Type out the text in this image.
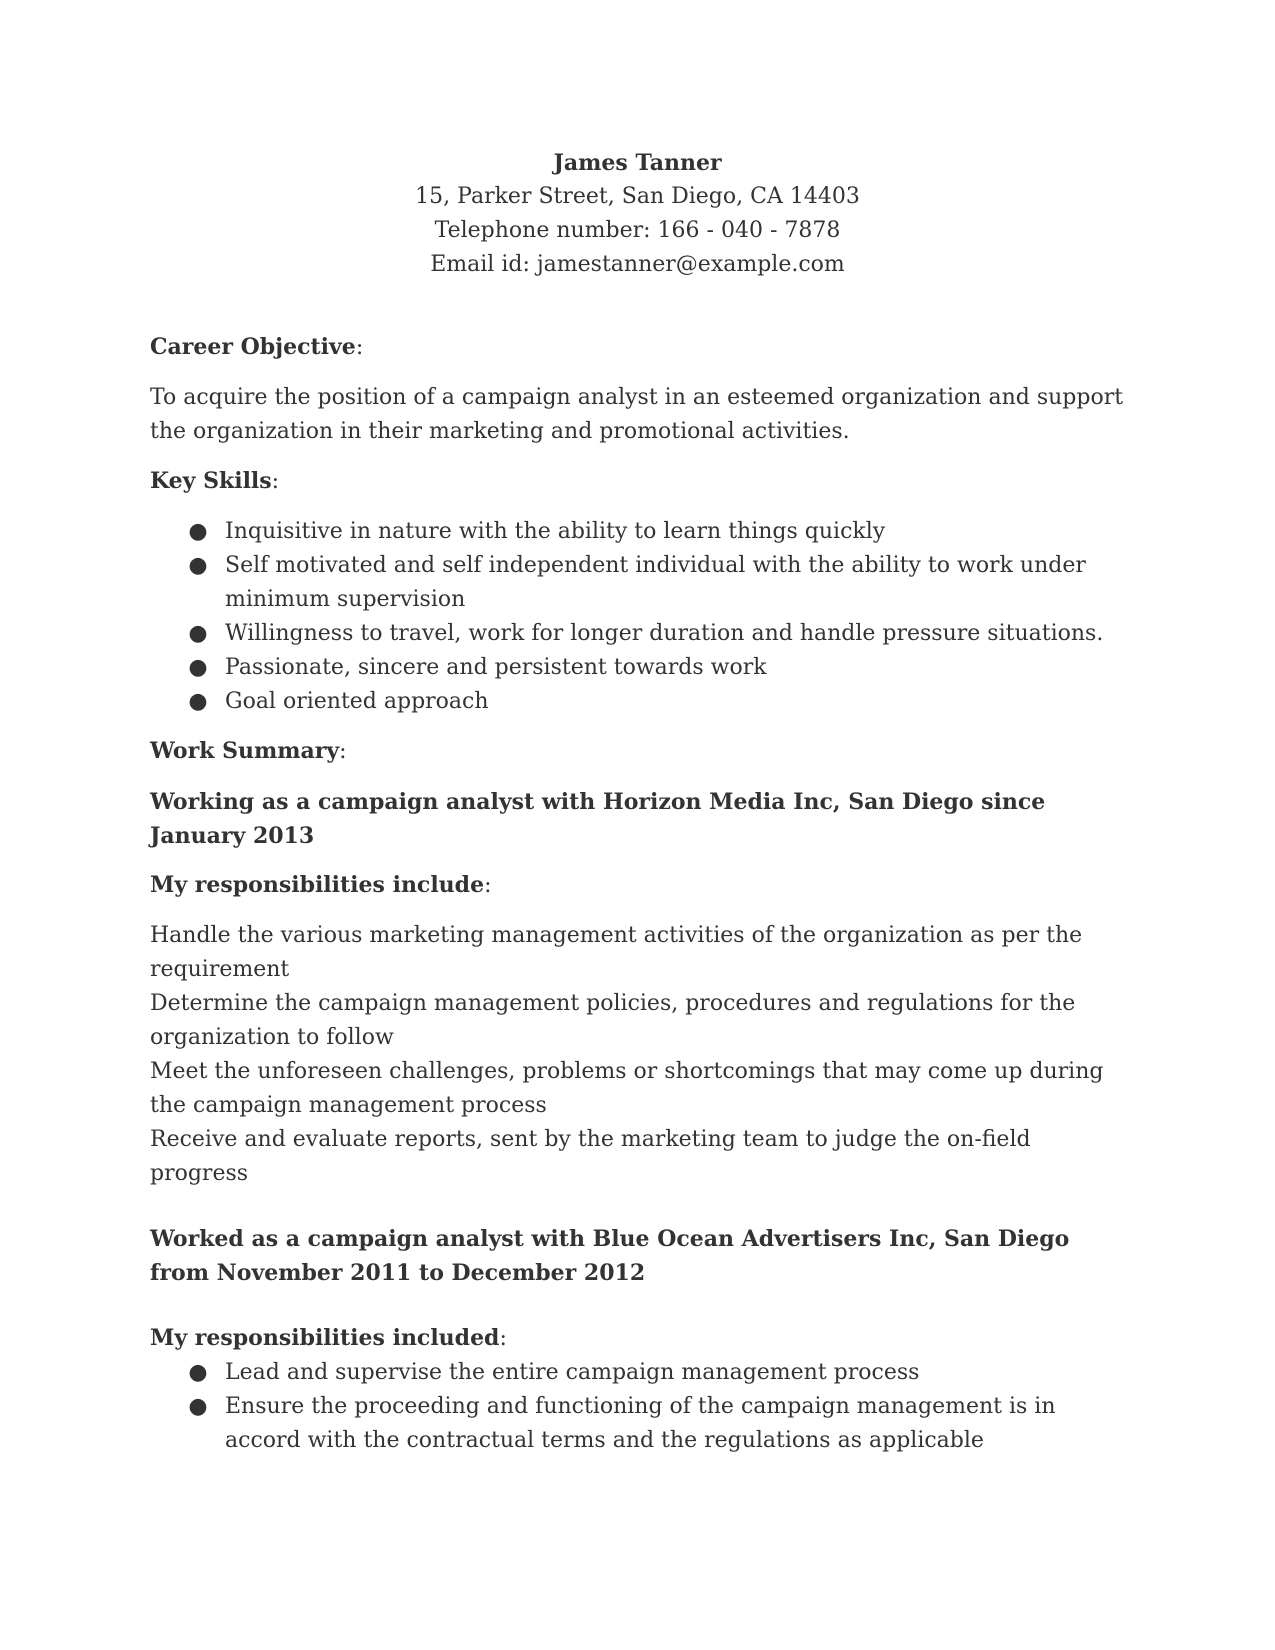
James Tanner
15, Parker Street, San Diego, CA 14403
Telephone number: 166 - 040 - 7878
Email id: jamestanner@example.com
Career Objective:

To acquire the position of a campaign analyst in an esteemed organization and support the organization in their marketing and promotional activities.

Key Skills:
● Inquisitive in nature with the ability to learn things quickly
● Self motivated and self independent individual with the ability to work under minimum supervision
● Willingness to travel, work for longer duration and handle pressure situations.
● Passionate, sincere and persistent towards work
● Goal oriented approach
Work Summary:
Working as a campaign analyst with Horizon Media Inc, San Diego since January 2013
My responsibilities include:

Handle the various marketing management activities of the organization as per the requirement

Determine the campaign management policies, procedures and regulations for the organization to follow

Meet the unforeseen challenges, problems or shortcomings that may come up during the campaign management process

Receive and evaluate reports, sent by the marketing team to judge the on-field progress

Worked as a campaign analyst with Blue Ocean Advertisers Inc, San Diego from November 2011 to December 2012
My responsibilities included:
● Lead and supervise the entire campaign management process
● Ensure the proceeding and functioning of the campaign management is in accord with the contractual terms and the regulations as applicable
